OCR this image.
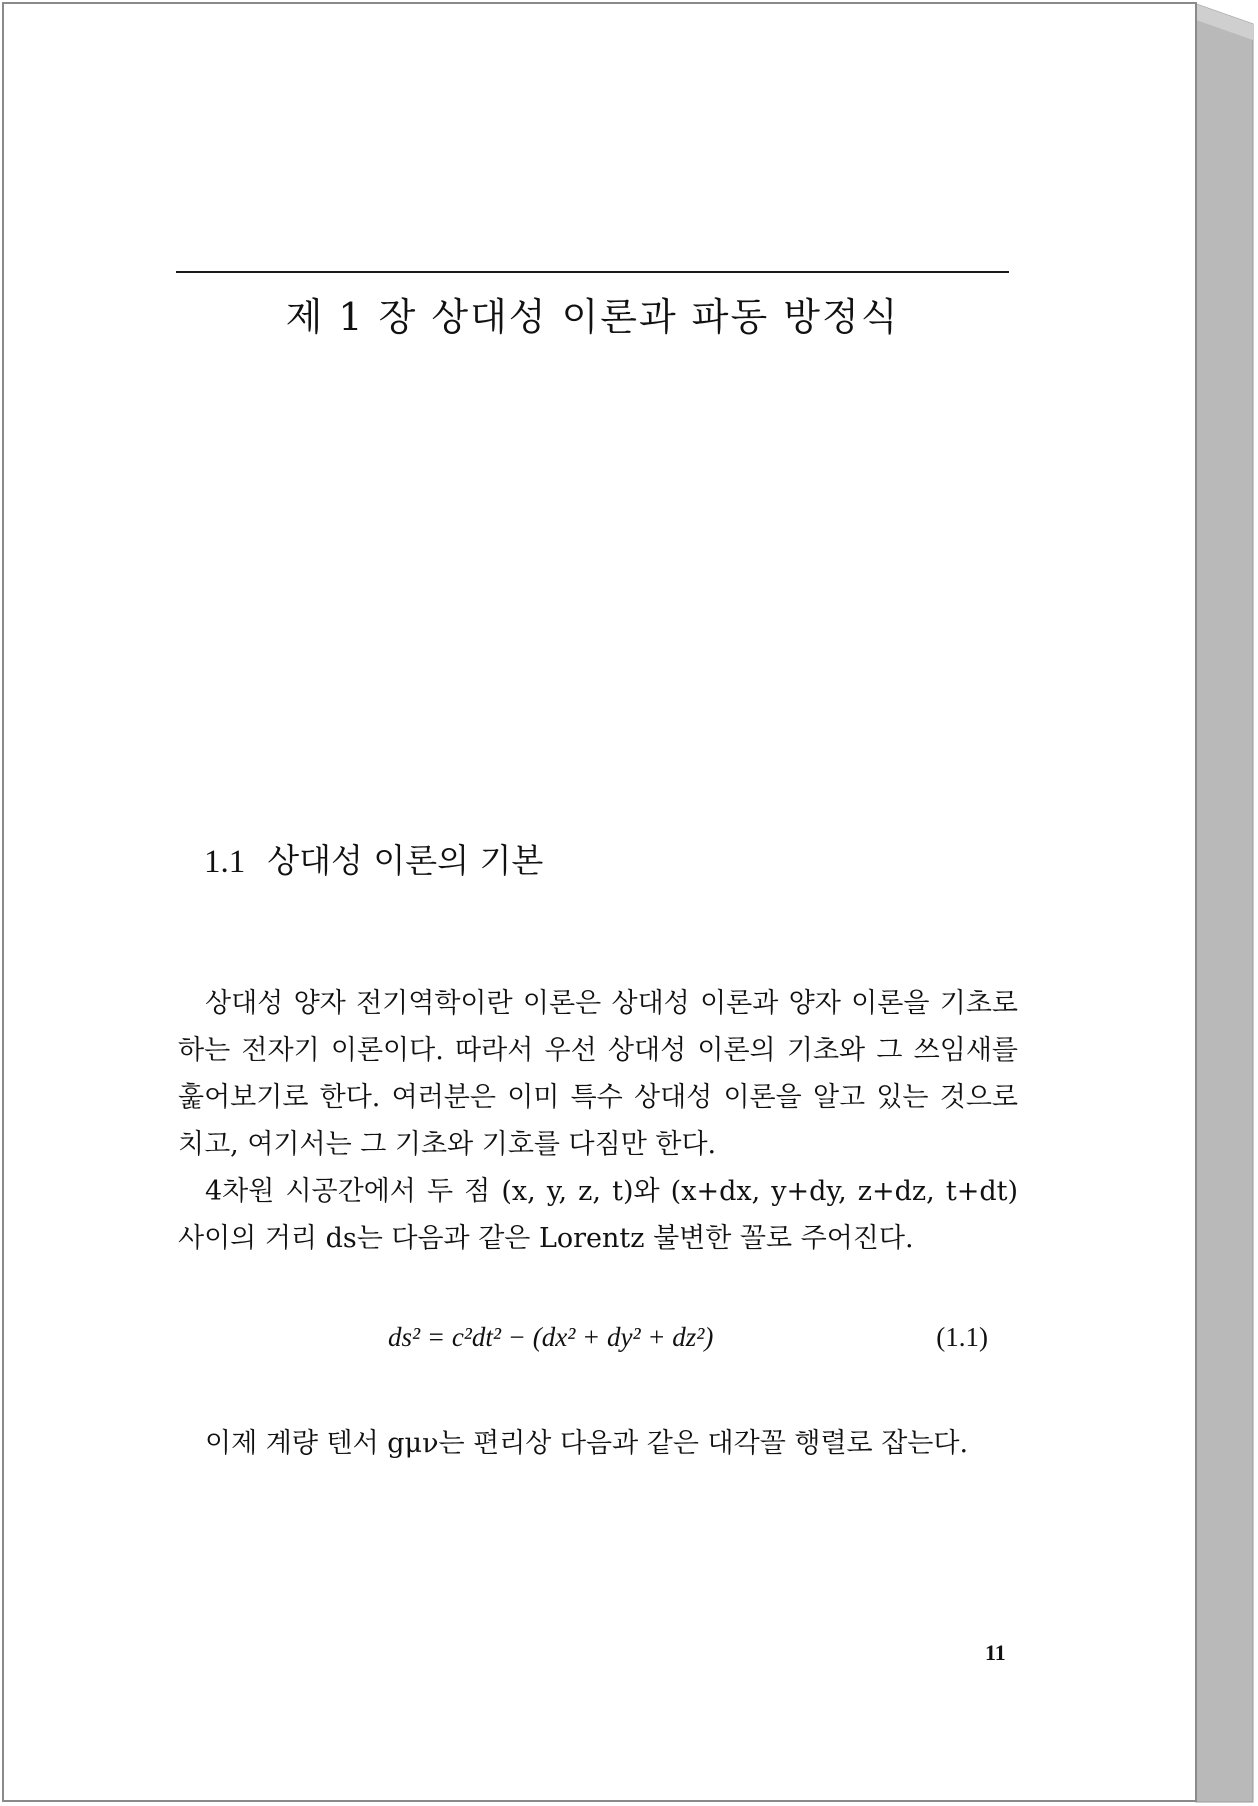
제 1 장 상대성 이론과 파동 방정식
1.1 상대성 이론의 기본

상대성 양자 전기역학이란 이론은 상대성 이론과 양자 이론을 기초로 하는 전자기 이론이다. 따라서 우선 상대성 이론의 기초와 그 쓰임새를 훑어보기로 한다. 여러분은 이미 특수 상대성 이론을 알고 있는 것으로 치고, 여기서는 그 기초와 기호를 다짐만 한다.

4차원 시공간에서 두 점 (x, y, z, t)와 (x+dx, y+dy, z+dz, t+dt) 사이의 거리 ds는 다음과 같은 Lorentz 불변한 꼴로 주어진다.

ds² = c²dt² − (dx² + dy² + dz²)	(1.1)
이제 계량 텐서 gμν는 편리상 다음과 같은 대각꼴 행렬로 잡는다.
11
